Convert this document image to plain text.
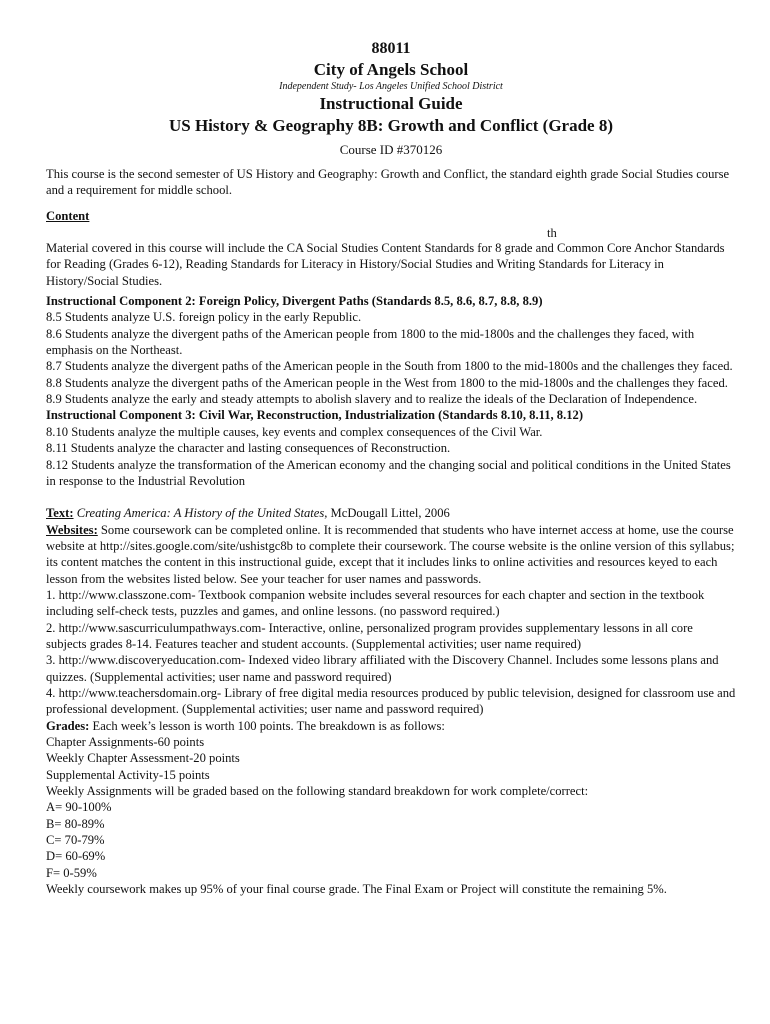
88011
City of Angels School
Independent Study- Los Angeles Unified School District
Instructional Guide
US History & Geography 8B: Growth and Conflict (Grade 8)
Course ID #370126

This course is the second semester of US History and Geography: Growth and Conflict, the standard eighth grade Social Studies course and a requirement for middle school.

Content

th

Material covered in this course will include the CA Social Studies Content Standards for 8 grade and Common Core Anchor Standards for Reading (Grades 6-12), Reading Standards for Literacy in History/Social Studies and Writing Standards for Literacy in History/Social Studies.

Instructional Component 2: Foreign Policy, Divergent Paths (Standards 8.5, 8.6, 8.7, 8.8, 8.9)

8.5 Students analyze U.S. foreign policy in the early Republic.

8.6 Students analyze the divergent paths of the American people from 1800 to the mid-1800s and the challenges they faced, with emphasis on the Northeast.

8.7 Students analyze the divergent paths of the American people in the South from 1800 to the mid-1800s and the challenges they faced.

8.8 Students analyze the divergent paths of the American people in the West from 1800 to the mid-1800s and the challenges they faced.

8.9 Students analyze the early and steady attempts to abolish slavery and to realize the ideals of the Declaration of Independence.

Instructional Component 3: Civil War, Reconstruction, Industrialization (Standards 8.10, 8.11, 8.12)

8.10 Students analyze the multiple causes, key events and complex consequences of the Civil War.

8.11 Students analyze the character and lasting consequences of Reconstruction.

8.12 Students analyze the transformation of the American economy and the changing social and political conditions in the United States in response to the Industrial Revolution

Text: Creating America: A History of the United States, McDougall Littel, 2006

Websites: Some coursework can be completed online. It is recommended that students who have internet access at home, use the course website at http://sites.google.com/site/ushistgc8b to complete their coursework. The course website is the online version of this syllabus; its content matches the content in this instructional guide, except that it includes links to online activities and resources keyed to each lesson from the websites listed below. See your teacher for user names and passwords.

1. http://www.classzone.com- Textbook companion website includes several resources for each chapter and section in the textbook including self-check tests, puzzles and games, and online lessons. (no password required.)

2. http://www.sascurriculumpathways.com- Interactive, online, personalized program provides supplementary lessons in all core subjects grades 8-14. Features teacher and student accounts. (Supplemental activities; user name required)

3. http://www.discoveryeducation.com- Indexed video library affiliated with the Discovery Channel. Includes some lessons plans and quizzes. (Supplemental activities; user name and password required)

4. http://www.teachersdomain.org- Library of free digital media resources produced by public television, designed for classroom use and professional development. (Supplemental activities; user name and password required)

Grades: Each week’s lesson is worth 100 points. The breakdown is as follows:

Chapter Assignments-60 points

Weekly Chapter Assessment-20 points

Supplemental Activity-15 points

Weekly Assignments will be graded based on the following standard breakdown for work complete/correct:

A= 90-100%

B= 80-89%

C= 70-79%

D= 60-69%

F= 0-59%

Weekly coursework makes up 95% of your final course grade. The Final Exam or Project will constitute the remaining 5%.
